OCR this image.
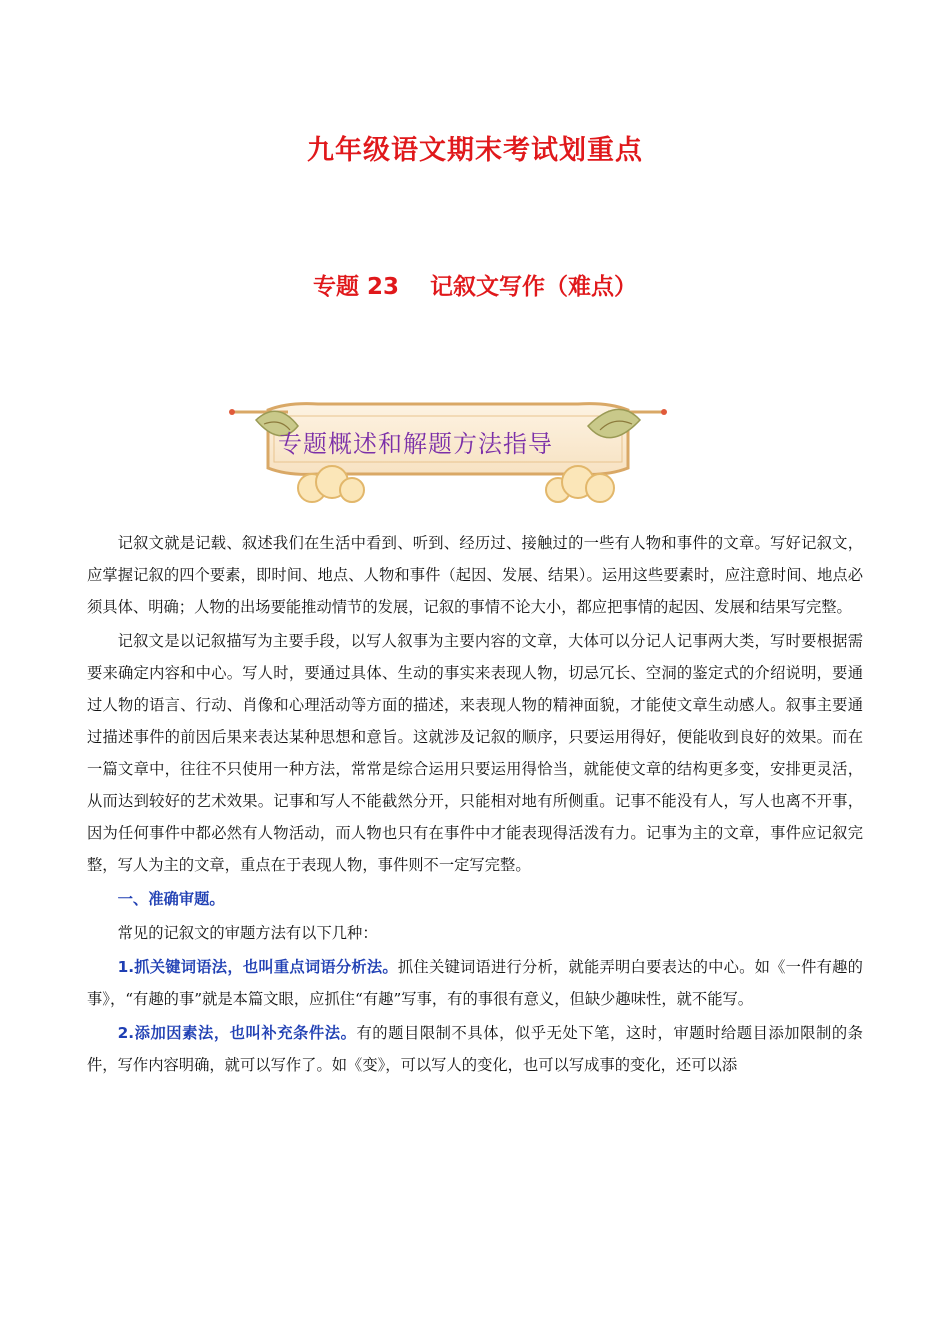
九年级语文期末考试划重点
专题 23　 记叙文写作（难点）
专题概述和解题方法指导

记叙文就是记载、叙述我们在生活中看到、听到、经历过、接触过的一些有人物和事件的文章。写好记叙文，应掌握记叙的四个要素，即时间、地点、人物和事件（起因、发展、结果）。运用这些要素时，应注意时间、地点必须具体、明确；人物的出场要能推动情节的发展，记叙的事情不论大小，都应把事情的起因、发展和结果写完整。

记叙文是以记叙描写为主要手段，以写人叙事为主要内容的文章，大体可以分记人记事两大类，写时要根据需要来确定内容和中心。写人时，要通过具体、生动的事实来表现人物，切忌冗长、空洞的鉴定式的介绍说明，要通过人物的语言、行动、肖像和心理活动等方面的描述，来表现人物的精神面貌，才能使文章生动感人。叙事主要通过描述事件的前因后果来表达某种思想和意旨。这就涉及记叙的顺序，只要运用得好，便能收到良好的效果。而在一篇文章中，往往不只使用一种方法，常常是综合运用只要运用得恰当，就能使文章的结构更多变，安排更灵活，从而达到较好的艺术效果。记事和写人不能截然分开，只能相对地有所侧重。记事不能没有人，写人也离不开事，因为任何事件中都必然有人物活动，而人物也只有在事件中才能表现得活泼有力。记事为主的文章，事件应记叙完整，写人为主的文章，重点在于表现人物，事件则不一定写完整。

一、准确审题。

常见的记叙文的审题方法有以下几种：

1.抓关键词语法，也叫重点词语分析法。抓住关键词语进行分析，就能弄明白要表达的中心。如《一件有趣的事》，“有趣的事”就是本篇文眼，应抓住“有趣”写事，有的事很有意义，但缺少趣味性，就不能写。

2.添加因素法，也叫补充条件法。有的题目限制不具体，似乎无处下笔，这时，审题时给题目添加限制的条件，写作内容明确，就可以写作了。如《变》，可以写人的变化，也可以写成事的变化，还可以添
